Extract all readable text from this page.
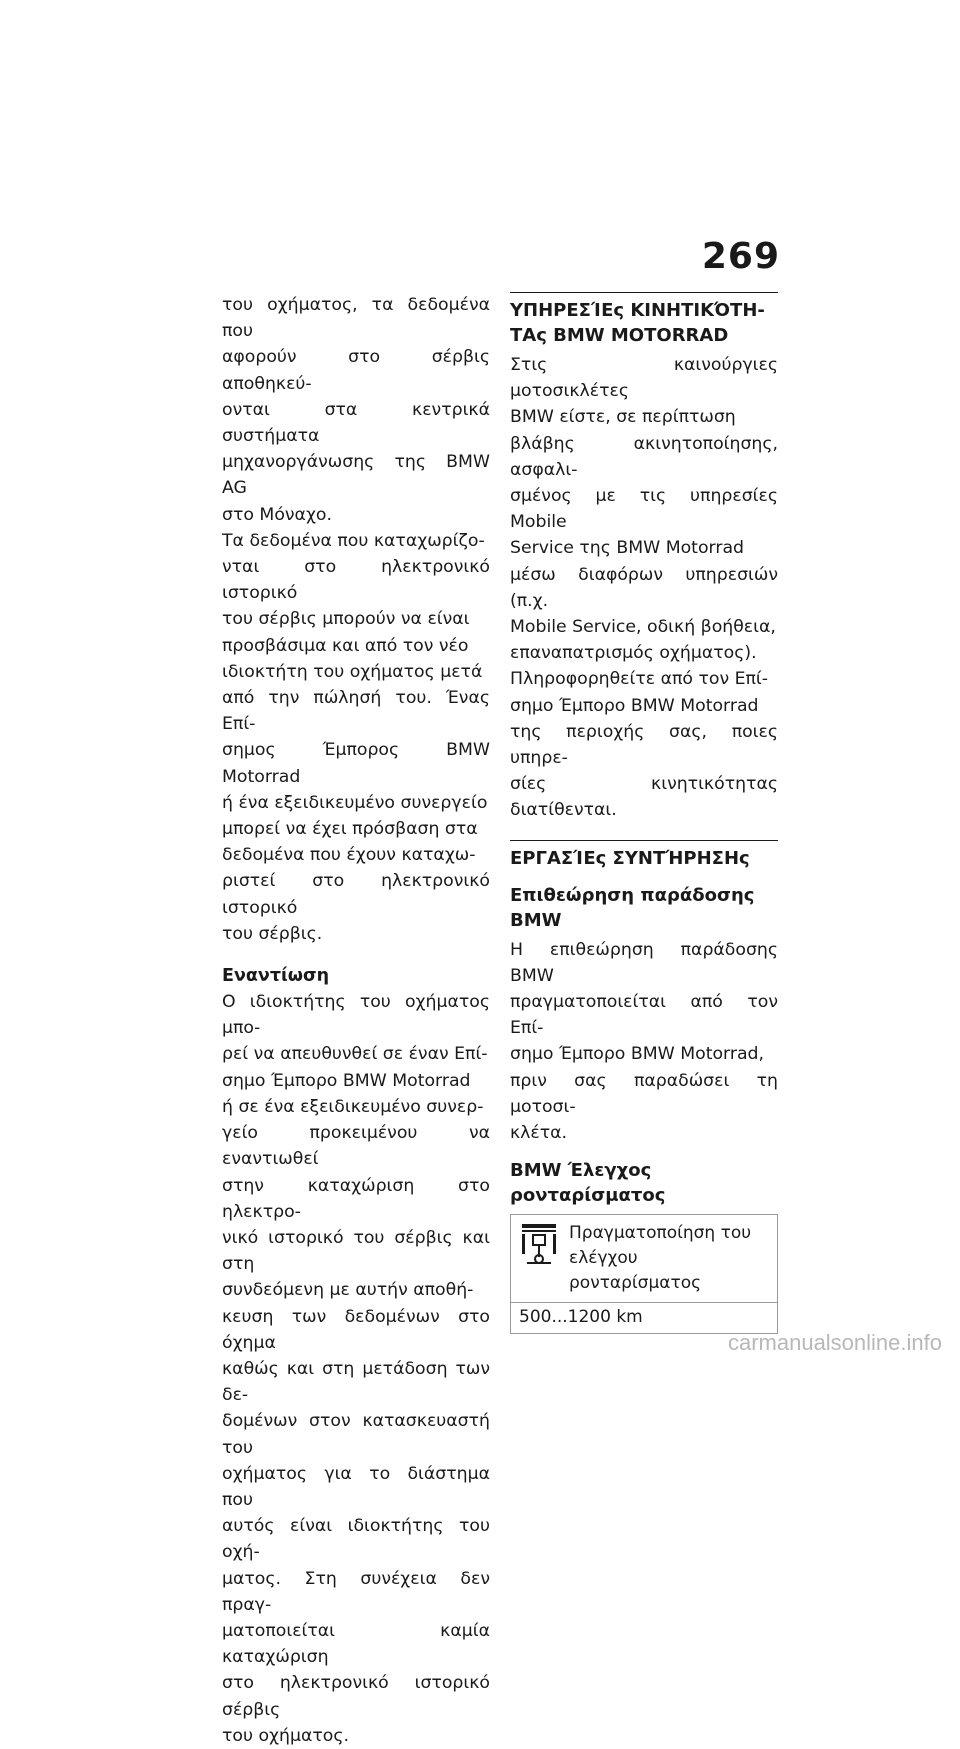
269

του οχήματος, τα δεδομένα που
αφορούν στο σέρβις αποθηκεύ-
ονται στα κεντρικά συστήματα
μηχανοργάνωσης της BMW AG
στο Μόναχο.

Τα δεδομένα που καταχωρίζο-
νται στο ηλεκτρονικό ιστορικό
του σέρβις μπορούν να είναι
προσβάσιμα και από τον νέο
ιδιοκτήτη του οχήματος μετά
από την πώλησή του. Ένας Επί-
σημος Έμπορος BMW Motorrad
ή ένα εξειδικευμένο συνεργείο
μπορεί να έχει πρόσβαση στα
δεδομένα που έχουν καταχω-
ριστεί στο ηλεκτρονικό ιστορικό
του σέρβις.

Εναντίωση

Ο ιδιοκτήτης του οχήματος μπο-
ρεί να απευθυνθεί σε έναν Επί-
σημο Έμπορο BMW Motorrad
ή σε ένα εξειδικευμένο συνερ-
γείο προκειμένου να εναντιωθεί
στην καταχώριση στο ηλεκτρο-
νικό ιστορικό του σέρβις και στη
συνδεόμενη με αυτήν αποθή-
κευση των δεδομένων στο όχημα
καθώς και στη μετάδοση των δε-
δομένων στον κατασκευαστή του
οχήματος για το διάστημα που
αυτός είναι ιδιοκτήτης του οχή-
ματος. Στη συνέχεια δεν πραγ-
ματοποιείται καμία καταχώριση
στο ηλεκτρονικό ιστορικό σέρβις
του οχήματος.

ΥΠΗΡΕΣΊΕς ΚΙΝΗΤΙΚΌΤΗ-
ΤΑς BMW MOTORRAD

Στις καινούργιες μοτοσικλέτες
BMW είστε, σε περίπτωση
βλάβης ακινητοποίησης, ασφαλι-
σμένος με τις υπηρεσίες Mobile
Service της BMW Motorrad
μέσω διαφόρων υπηρεσιών (π.χ.
Mobile Service, οδική βοήθεια,
επαναπατρισμός οχήματος).
Πληροφορηθείτε από τον Επί-
σημο Έμπορο BMW Motorrad
της περιοχής σας, ποιες υπηρε-
σίες κινητικότητας διατίθενται.

ΕΡΓΑΣΊΕς ΣΥΝΤΉΡΗΣΗς
Επιθεώρηση παράδοσης
BMW

Η επιθεώρηση παράδοσης BMW
πραγματοποιείται από τον Επί-
σημο Έμπορο BMW Motorrad,
πριν σας παραδώσει τη μοτοσι-
κλέτα.

BMW Έλεγχος
ρονταρίσματος
Πραγματοποίηση του
ελέγχου ρονταρίσματος
500...1200 km
carmanualsonline.info
